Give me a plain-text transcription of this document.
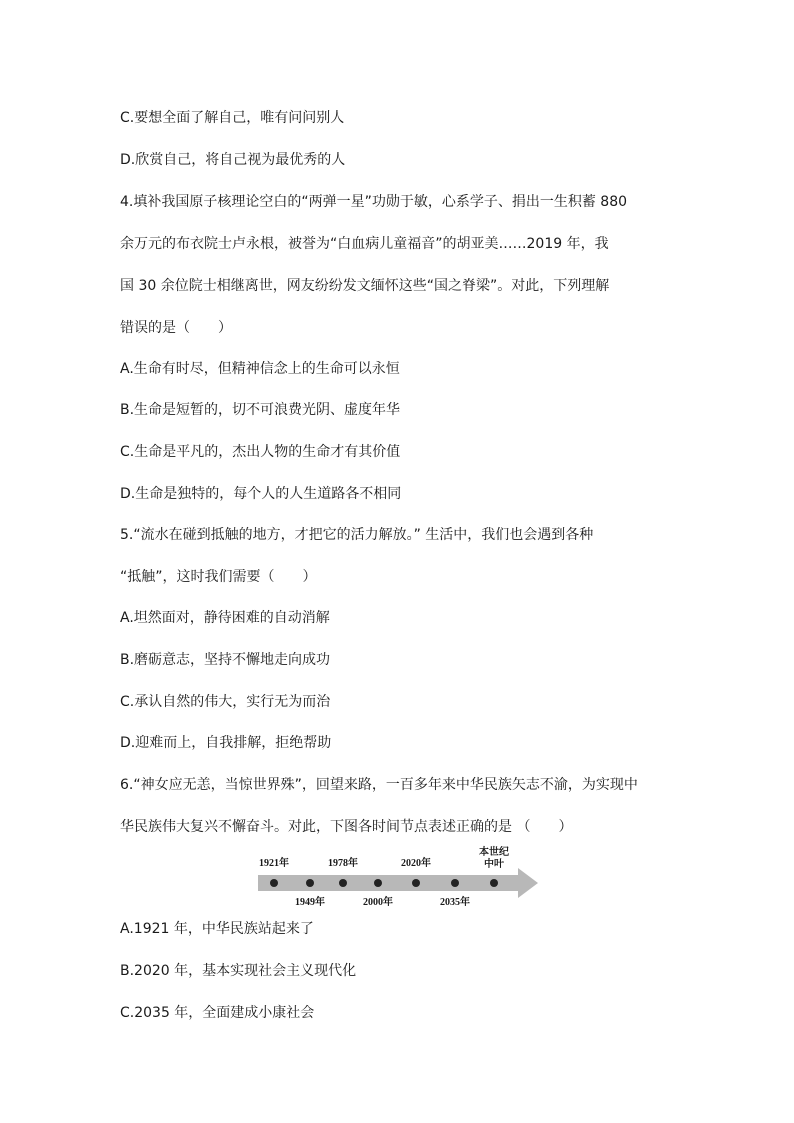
C.要想全面了解自己，唯有问问别人
D.欣赏自己，将自己视为最优秀的人
4.填补我国原子核理论空白的“两弹一星”功勋于敏，心系学子、捐出一生积蓄 880
余万元的布衣院士卢永根，被誉为“白血病儿童福音”的胡亚美……2019 年，我
国 30 余位院士相继离世，网友纷纷发文缅怀这些“国之脊梁”。对此，下列理解
错误的是（　　）
A.生命有时尽，但精神信念上的生命可以永恒
B.生命是短暂的，切不可浪费光阴、虚度年华
C.生命是平凡的，杰出人物的生命才有其价值
D.生命是独特的，每个人的人生道路各不相同
5.“流水在碰到抵触的地方，才把它的活力解放。” 生活中，我们也会遇到各种
“抵触”，这时我们需要（　　）
A.坦然面对，静待困难的自动消解
B.磨砺意志，坚持不懈地走向成功
C.承认自然的伟大，实行无为而治
D.迎难而上，自我排解，拒绝帮助
6.“神女应无恙，当惊世界殊”，回望来路，一百多年来中华民族矢志不渝，为实现中
华民族伟大复兴不懈奋斗。对此，下图各时间节点表述正确的是 （　　）
1921年
1949年
1978年
2000年
2020年
2035年
本世纪
中叶
A.1921 年，中华民族站起来了
B.2020 年，基本实现社会主义现代化
C.2035 年，全面建成小康社会
